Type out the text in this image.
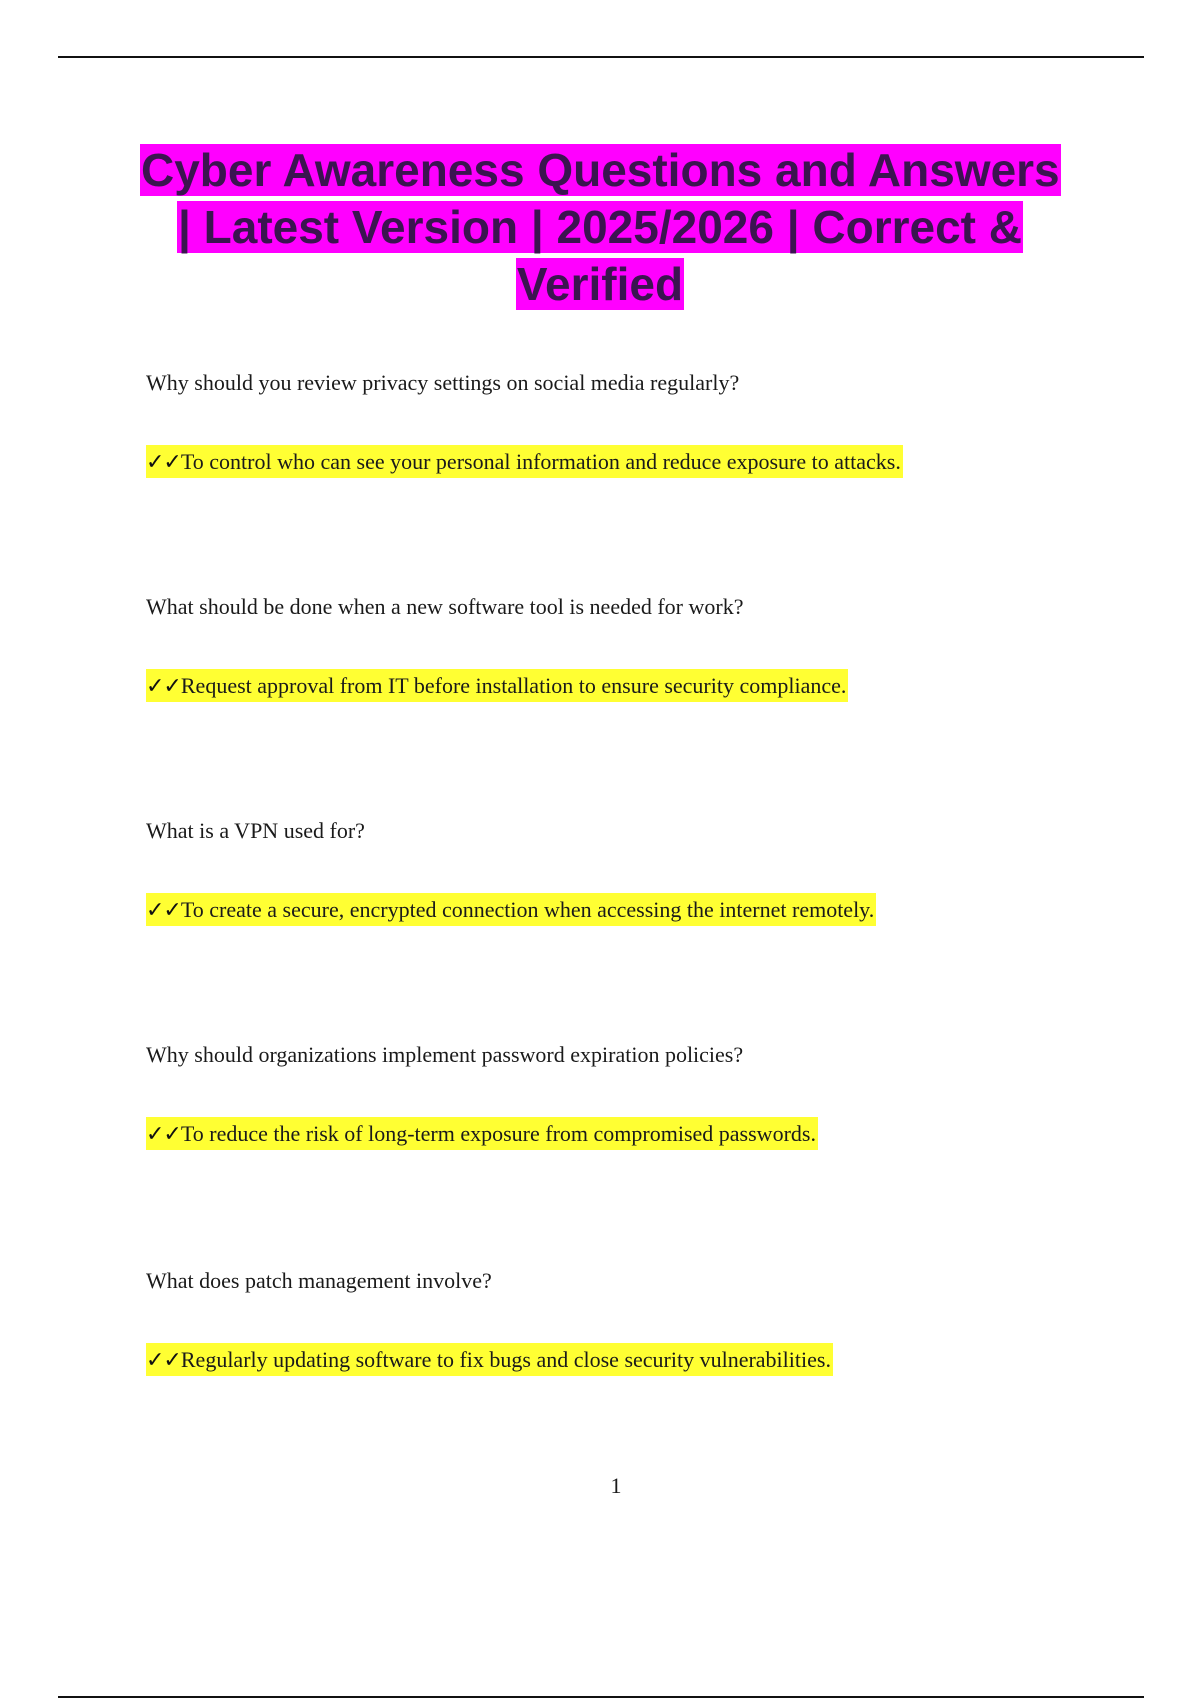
Cyber Awareness Questions and Answers | Latest Version | 2025/2026 | Correct & Verified

Why should you review privacy settings on social media regularly?

✓✓To control who can see your personal information and reduce exposure to attacks.

What should be done when a new software tool is needed for work?

✓✓Request approval from IT before installation to ensure security compliance.

What is a VPN used for?

✓✓To create a secure, encrypted connection when accessing the internet remotely.

Why should organizations implement password expiration policies?

✓✓To reduce the risk of long-term exposure from compromised passwords.

What does patch management involve?

✓✓Regularly updating software to fix bugs and close security vulnerabilities.
1
